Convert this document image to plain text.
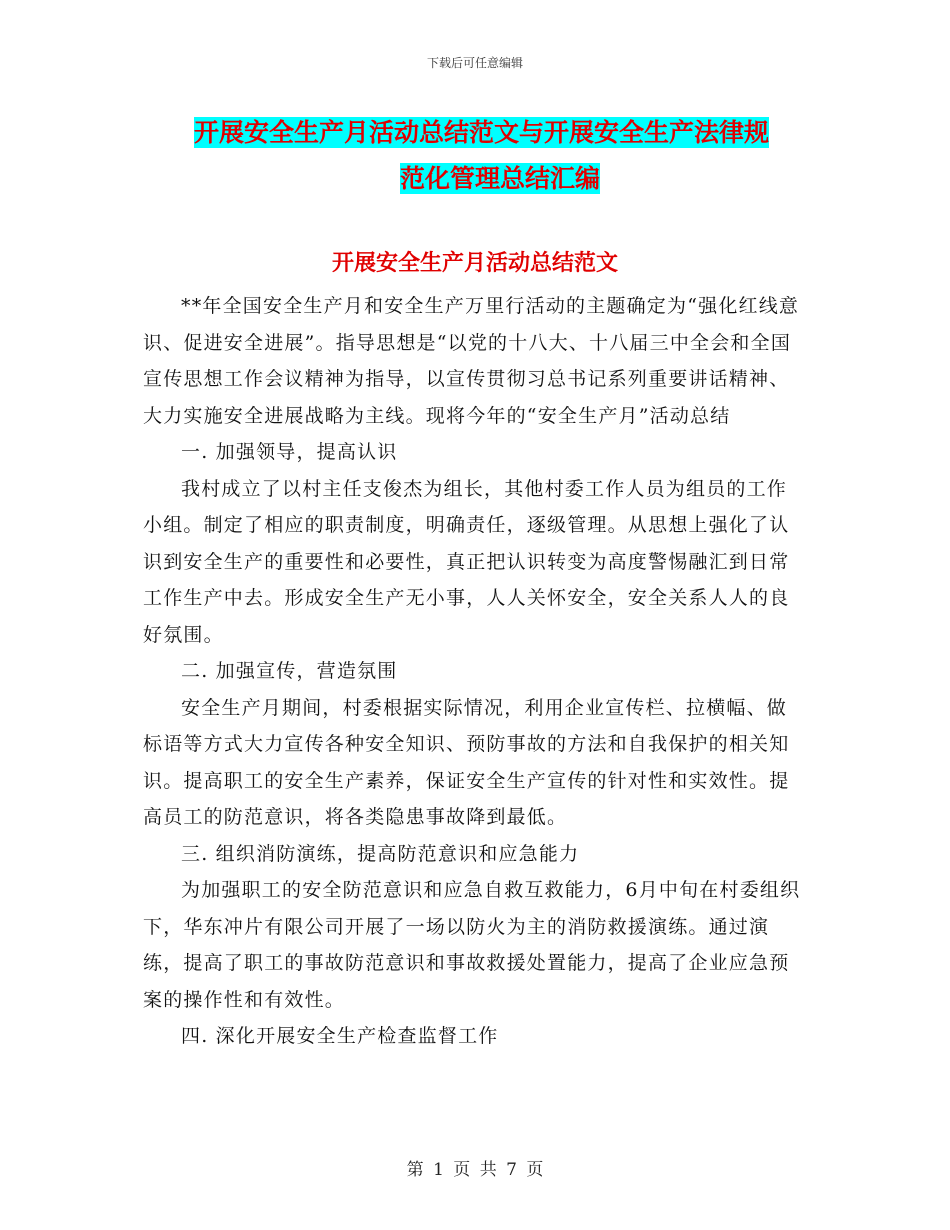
下载后可任意编辑
开展安全生产月活动总结范文与开展安全生产法律规
范化管理总结汇编
开展安全生产月活动总结范文

**年全国安全生产月和安全生产万里行活动的主题确定为“强化红线意识、促进安全进展”。指导思想是“以党的十八大、十八届三中全会和全国宣传思想工作会议精神为指导，以宣传贯彻习总书记系列重要讲话精神、大力实施安全进展战略为主线。现将今年的“安全生产月”活动总结

一. 加强领导，提高认识

我村成立了以村主任支俊杰为组长，其他村委工作人员为组员的工作小组。制定了相应的职责制度，明确责任，逐级管理。从思想上强化了认识到安全生产的重要性和必要性，真正把认识转变为高度警惕融汇到日常工作生产中去。形成安全生产无小事，人人关怀安全，安全关系人人的良好氛围。

二. 加强宣传，营造氛围

安全生产月期间，村委根据实际情况，利用企业宣传栏、拉横幅、做标语等方式大力宣传各种安全知识、预防事故的方法和自我保护的相关知识。提高职工的安全生产素养，保证安全生产宣传的针对性和实效性。提高员工的防范意识，将各类隐患事故降到最低。

三. 组织消防演练，提高防范意识和应急能力

为加强职工的安全防范意识和应急自救互救能力，6月中旬在村委组织下，华东冲片有限公司开展了一场以防火为主的消防救援演练。通过演练，提高了职工的事故防范意识和事故救援处置能力，提高了企业应急预案的操作性和有效性。

四. 深化开展安全生产检查监督工作

第 1 页 共 7 页
